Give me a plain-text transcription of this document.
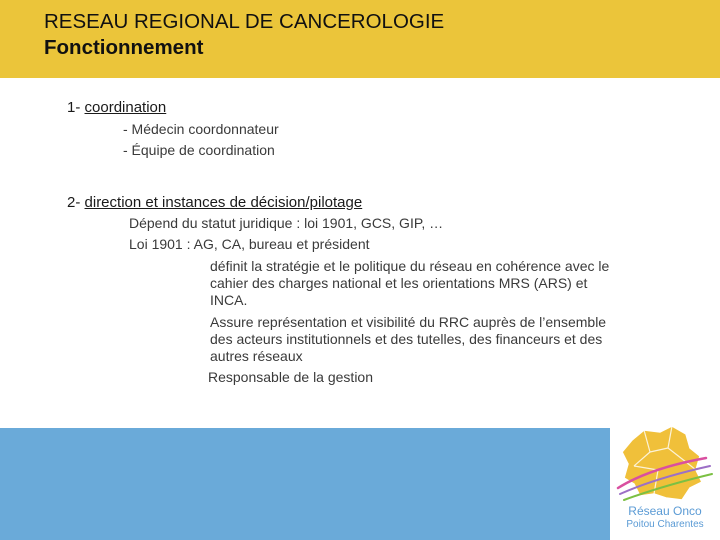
RESEAU REGIONAL DE CANCEROLOGIE
Fonctionnement
1- coordination
- Médecin coordonnateur
- Équipe de coordination
2- direction et instances de décision/pilotage
Dépend du statut juridique : loi 1901, GCS, GIP, …
Loi 1901 : AG, CA, bureau et président
définit la stratégie et le politique du réseau en cohérence avec le
cahier des charges national et les orientations MRS (ARS) et
INCA.
Assure représentation et visibilité du RRC auprès de l’ensemble
des acteurs institutionnels et des tutelles, des financeurs et des
autres réseaux
Responsable de la gestion
Réseau Onco
Poitou Charentes
